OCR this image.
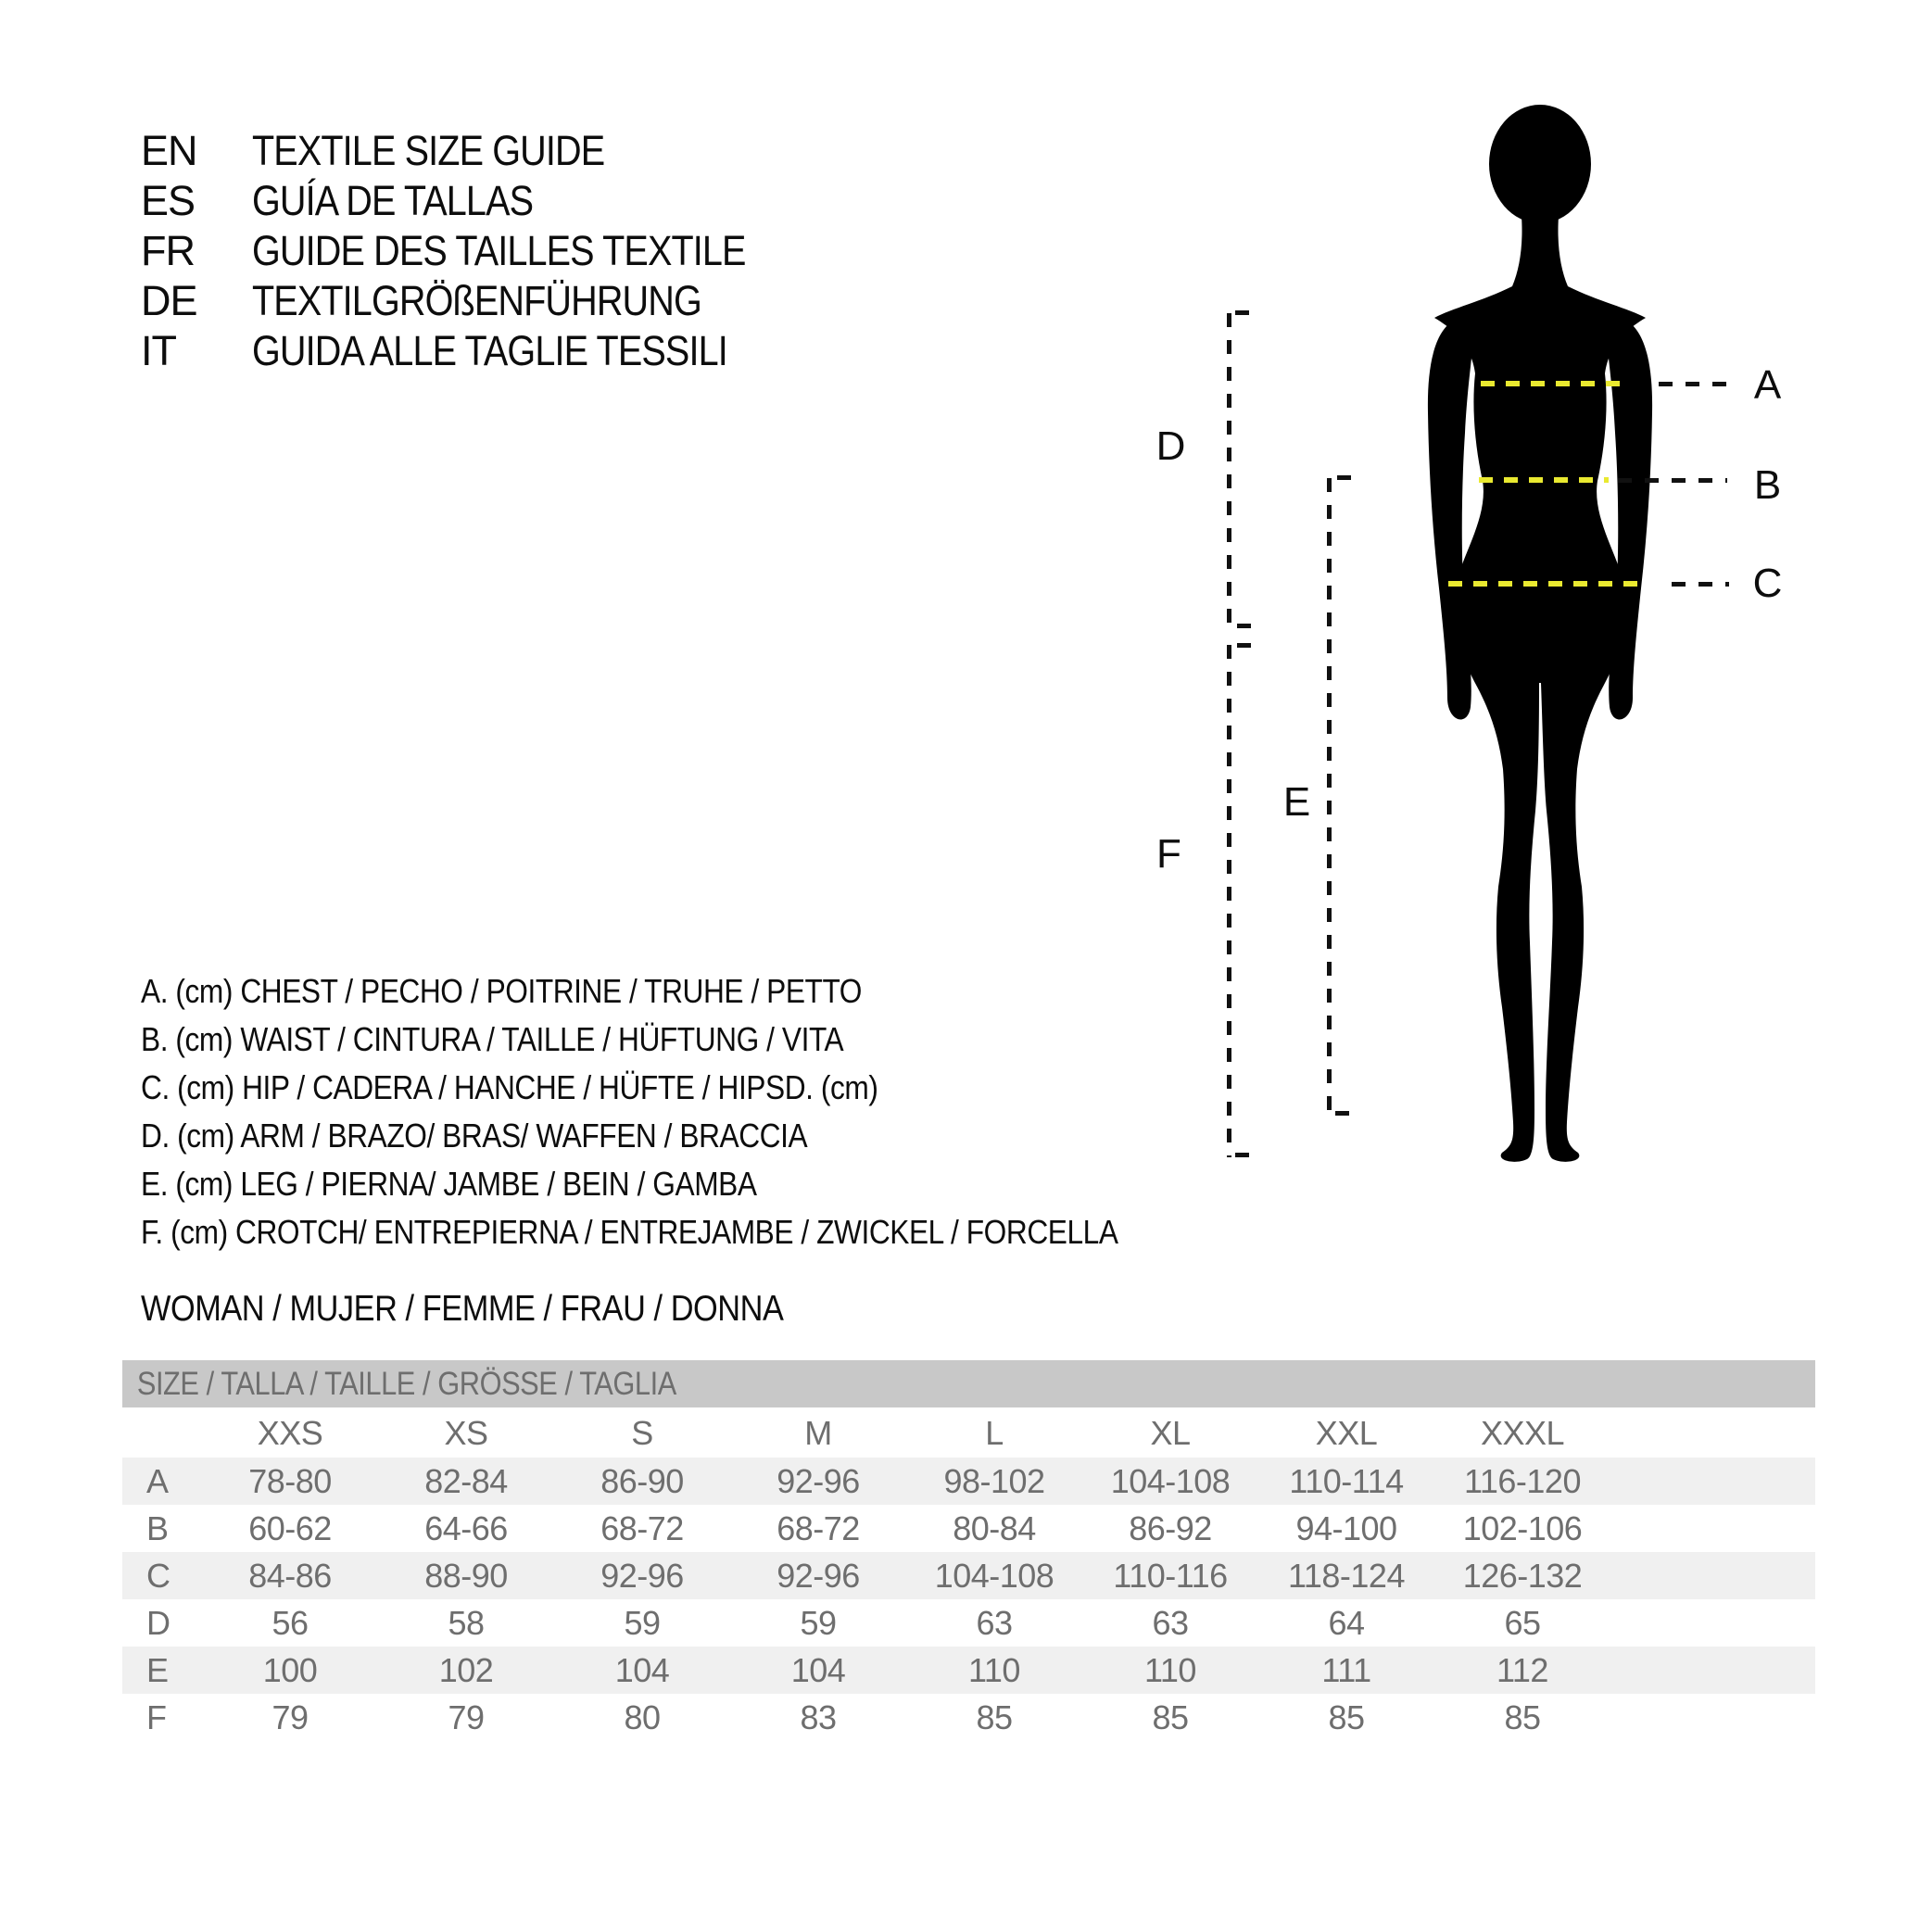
EN TEXTILE SIZE GUIDE
ES GUÍA DE TALLAS
FR GUIDE DES TAILLES TEXTILE
DE TEXTILGRÖßENFÜHRUNG
IT GUIDA ALLE TAGLIE TESSILI
A
B
C
D
F
E
A. (cm) CHEST / PECHO / POITRINE / TRUHE / PETTO
B. (cm) WAIST / CINTURA / TAILLE / HÜFTUNG / VITA
C. (cm) HIP / CADERA / HANCHE / HÜFTE / HIPSD. (cm)
D. (cm) ARM / BRAZO/ BRAS/ WAFFEN / BRACCIA
E. (cm) LEG / PIERNA/ JAMBE / BEIN / GAMBA
F. (cm) CROTCH/ ENTREPIERNA / ENTREJAMBE / ZWICKEL / FORCELLA
WOMAN / MUJER / FEMME / FRAU / DONNA
SIZE / TALLA / TAILLE / GRÖSSE / TAGLIA
XXS	XS	S	M	L	XL	XXL	XXXL
A	78-80	82-84	86-90	92-96	98-102	104-108	110-114	116-120
B	60-62	64-66	68-72	68-72	80-84	86-92	94-100	102-106
C	84-86	88-90	92-96	92-96	104-108	110-116	118-124	126-132
D	56	58	59	59	63	63	64	65
E	100	102	104	104	110	110	111	112
F	79	79	80	83	85	85	85	85
